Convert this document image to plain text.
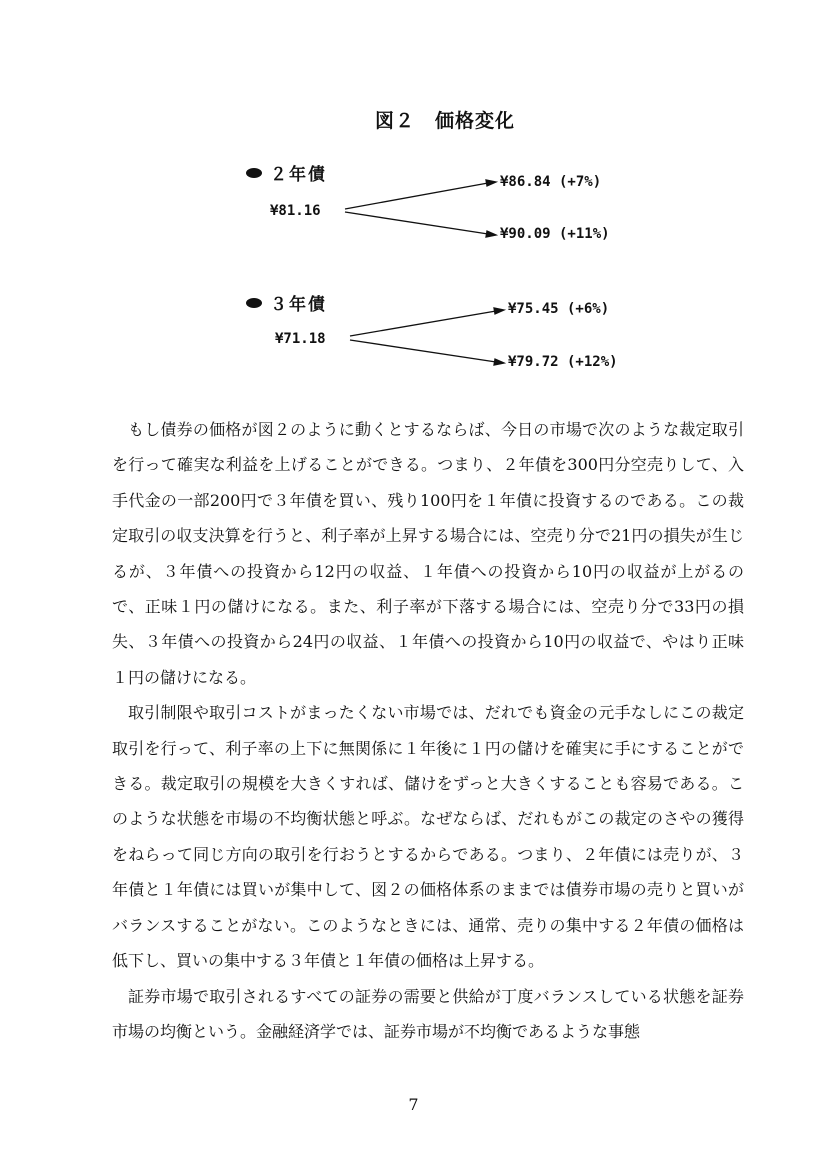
図２　価格変化
２年債
¥81.16
¥86.84 (+7%)
¥90.09 (+11%)
３年債
¥71.18
¥75.45 (+6%)
¥79.72 (+12%)

もし債券の価格が図２のように動くとするならば、今日の市場で次のような裁定取引を行って確実な利益を上げることができる。つまり、２年債を300円分空売りして、入手代金の一部200円で３年債を買い、残り100円を１年債に投資するのである。この裁定取引の収支決算を行うと、利子率が上昇する場合には、空売り分で21円の損失が生じるが、３年債への投資から12円の収益、１年債への投資から10円の収益が上がるので、正味１円の儲けになる。また、利子率が下落する場合には、空売り分で33円の損失、３年債への投資から24円の収益、１年債への投資から10円の収益で、やはり正味１円の儲けになる。

取引制限や取引コストがまったくない市場では、だれでも資金の元手なしにこの裁定取引を行って、利子率の上下に無関係に１年後に１円の儲けを確実に手にすることができる。裁定取引の規模を大きくすれば、儲けをずっと大きくすることも容易である。このような状態を市場の不均衡状態と呼ぶ。なぜならば、だれもがこの裁定のさやの獲得をねらって同じ方向の取引を行おうとするからである。つまり、２年債には売りが、３年債と１年債には買いが集中して、図２の価格体系のままでは債券市場の売りと買いがバランスすることがない。このようなときには、通常、売りの集中する２年債の価格は低下し、買いの集中する３年債と１年債の価格は上昇する。

証券市場で取引されるすべての証券の需要と供給が丁度バランスしている状態を証券市場の均衡という。金融経済学では、証券市場が不均衡であるような事態

7
